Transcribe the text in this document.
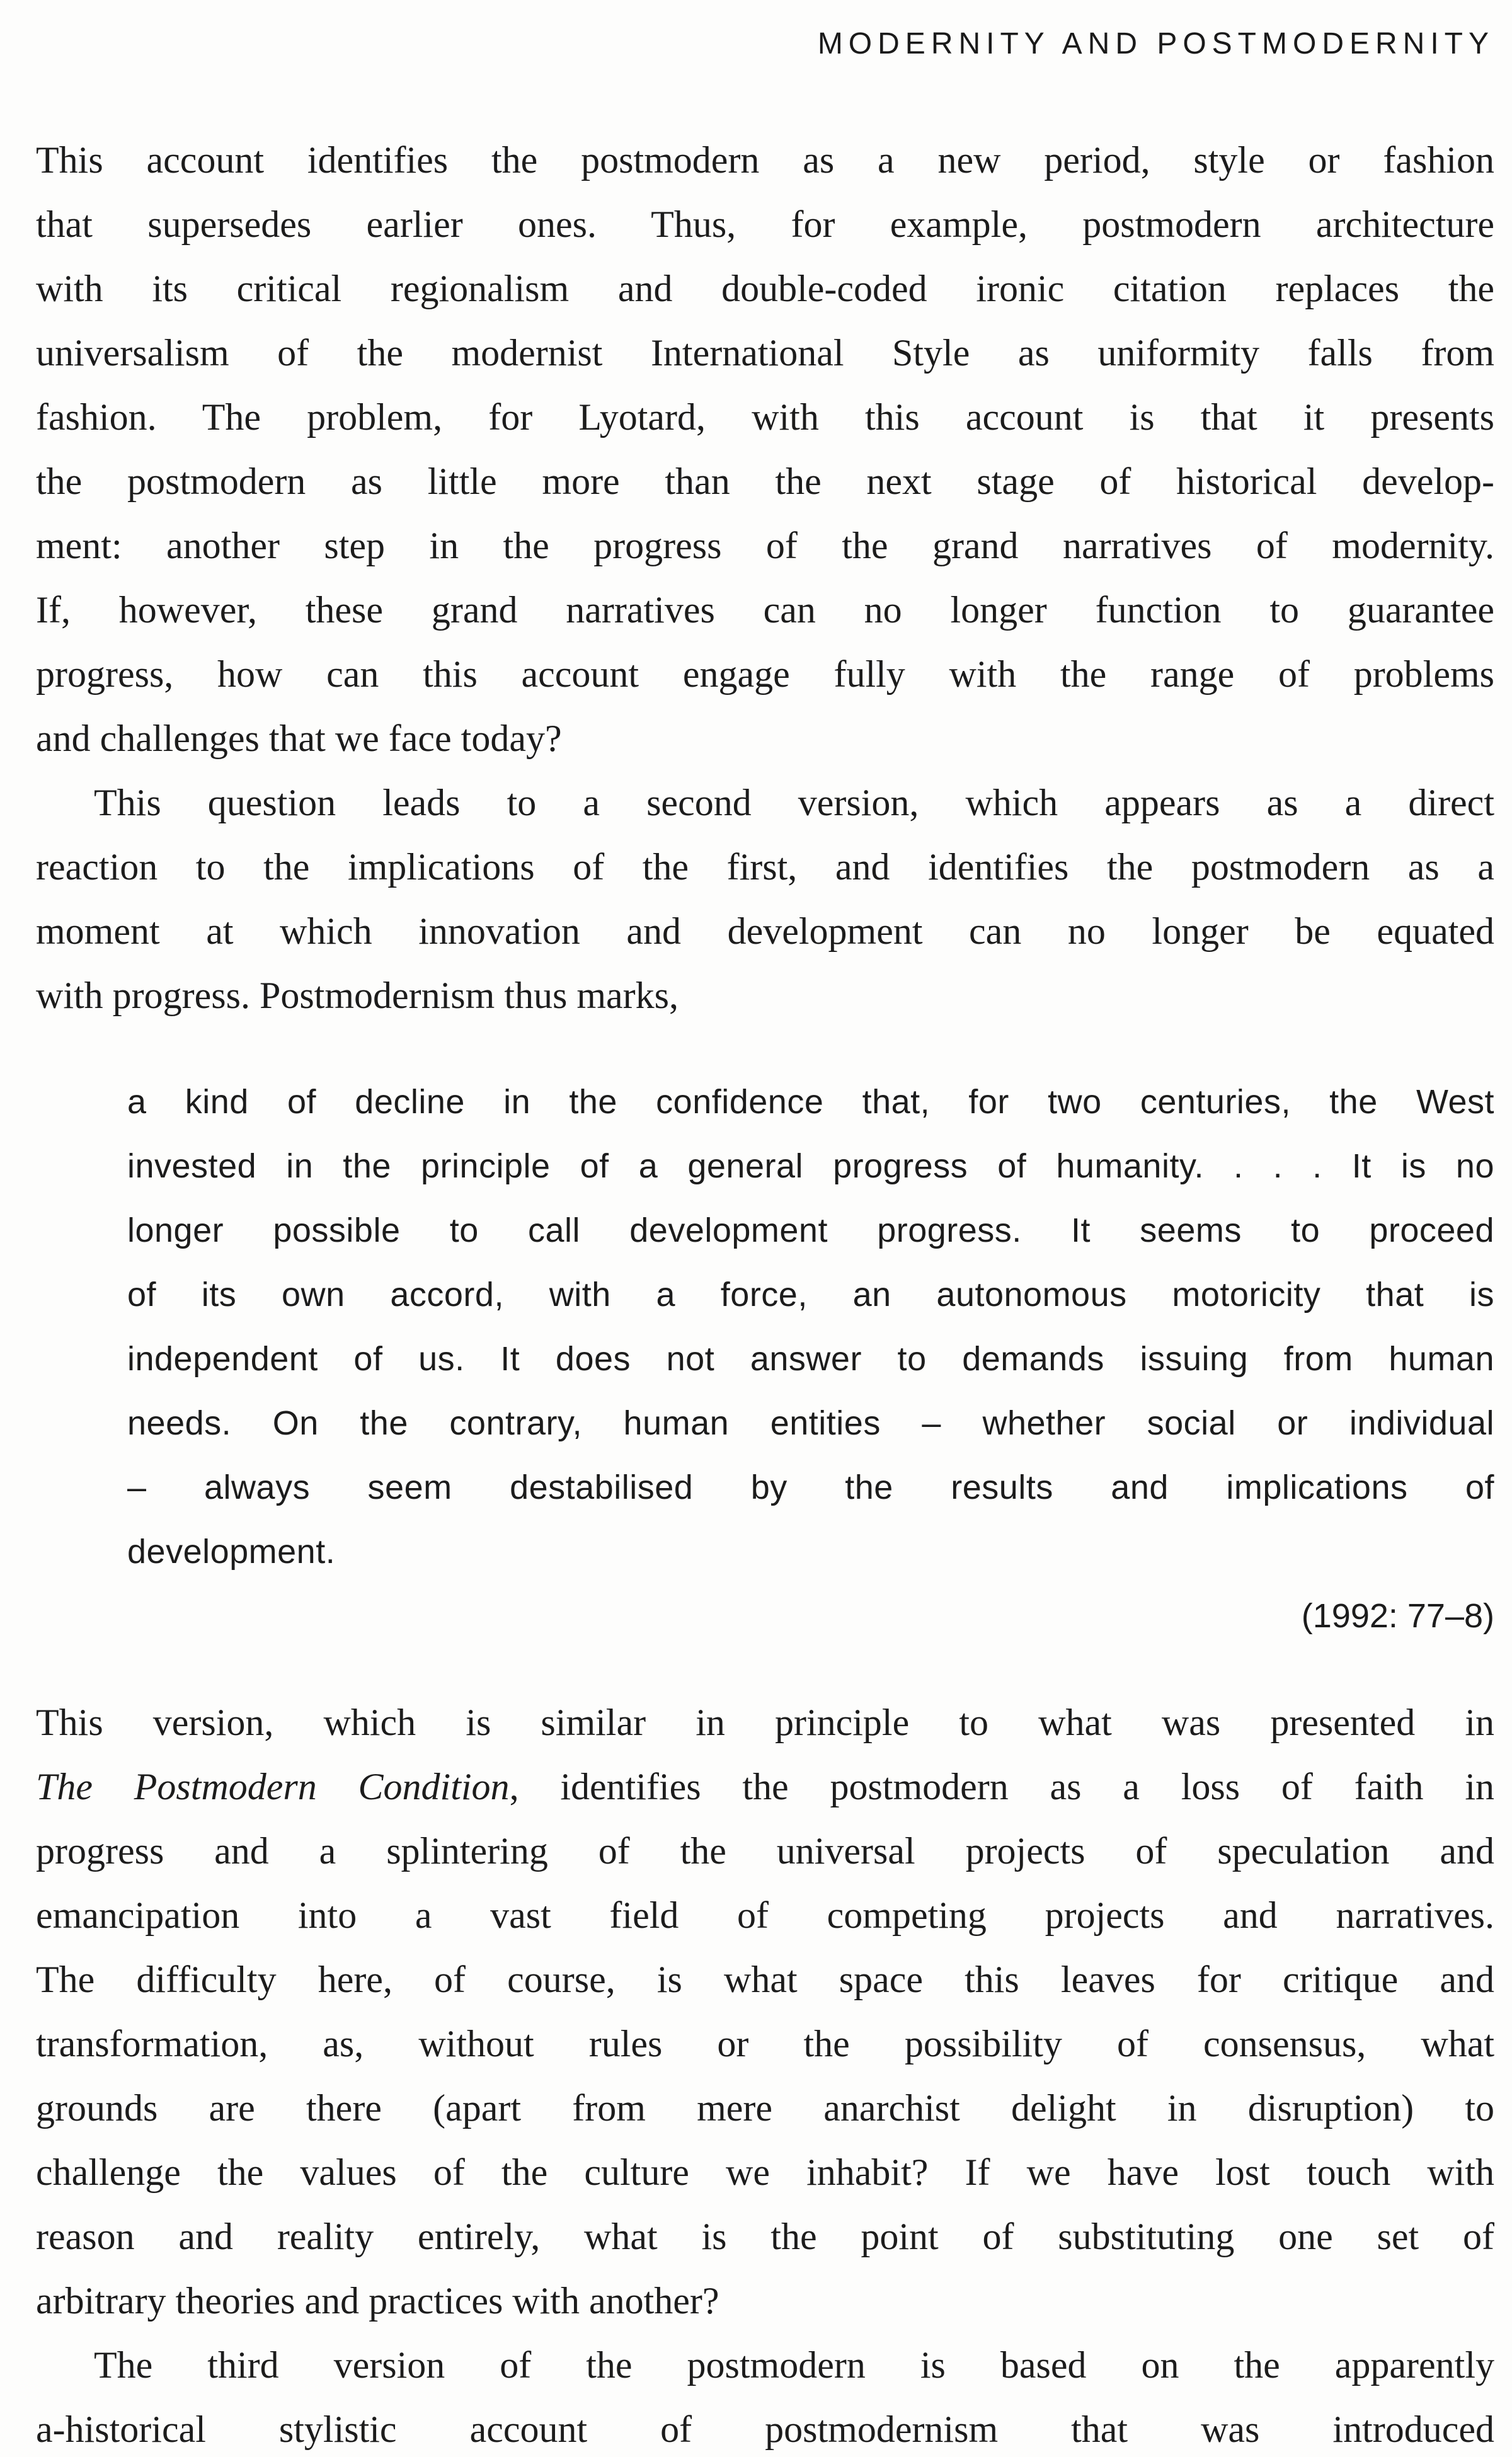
MODERNITY AND POSTMODERNITY
This account identifies the postmodern as a new period, style or fashion
that supersedes earlier ones. Thus, for example, postmodern architecture
with its critical regionalism and double-coded ironic citation replaces the
universalism of the modernist International Style as uniformity falls from
fashion. The problem, for Lyotard, with this account is that it presents
the postmodern as little more than the next stage of historical develop-
ment: another step in the progress of the grand narratives of modernity.
If, however, these grand narratives can no longer function to guarantee
progress, how can this account engage fully with the range of problems
and challenges that we face today?
This question leads to a second version, which appears as a direct
reaction to the implications of the first, and identifies the postmodern as a
moment at which innovation and development can no longer be equated
with progress. Postmodernism thus marks,
a kind of decline in the confidence that, for two centuries, the West
invested in the principle of a general progress of humanity. . . . It is no
longer possible to call development progress. It seems to proceed
of its own accord, with a force, an autonomous motoricity that is
independent of us. It does not answer to demands issuing from human
needs. On the contrary, human entities – whether social or individual
– always seem destabilised by the results and implications of
development.
(1992: 77–8)
This version, which is similar in principle to what was presented in
The Postmodern Condition, identifies the postmodern as a loss of faith in
progress and a splintering of the universal projects of speculation and
emancipation into a vast field of competing projects and narratives.
The difficulty here, of course, is what space this leaves for critique and
transformation, as, without rules or the possibility of consensus, what
grounds are there (apart from mere anarchist delight in disruption) to
challenge the values of the culture we inhabit? If we have lost touch with
reason and reality entirely, what is the point of substituting one set of
arbitrary theories and practices with another?
The third version of the postmodern is based on the apparently
a-historical stylistic account of postmodernism that was introduced
